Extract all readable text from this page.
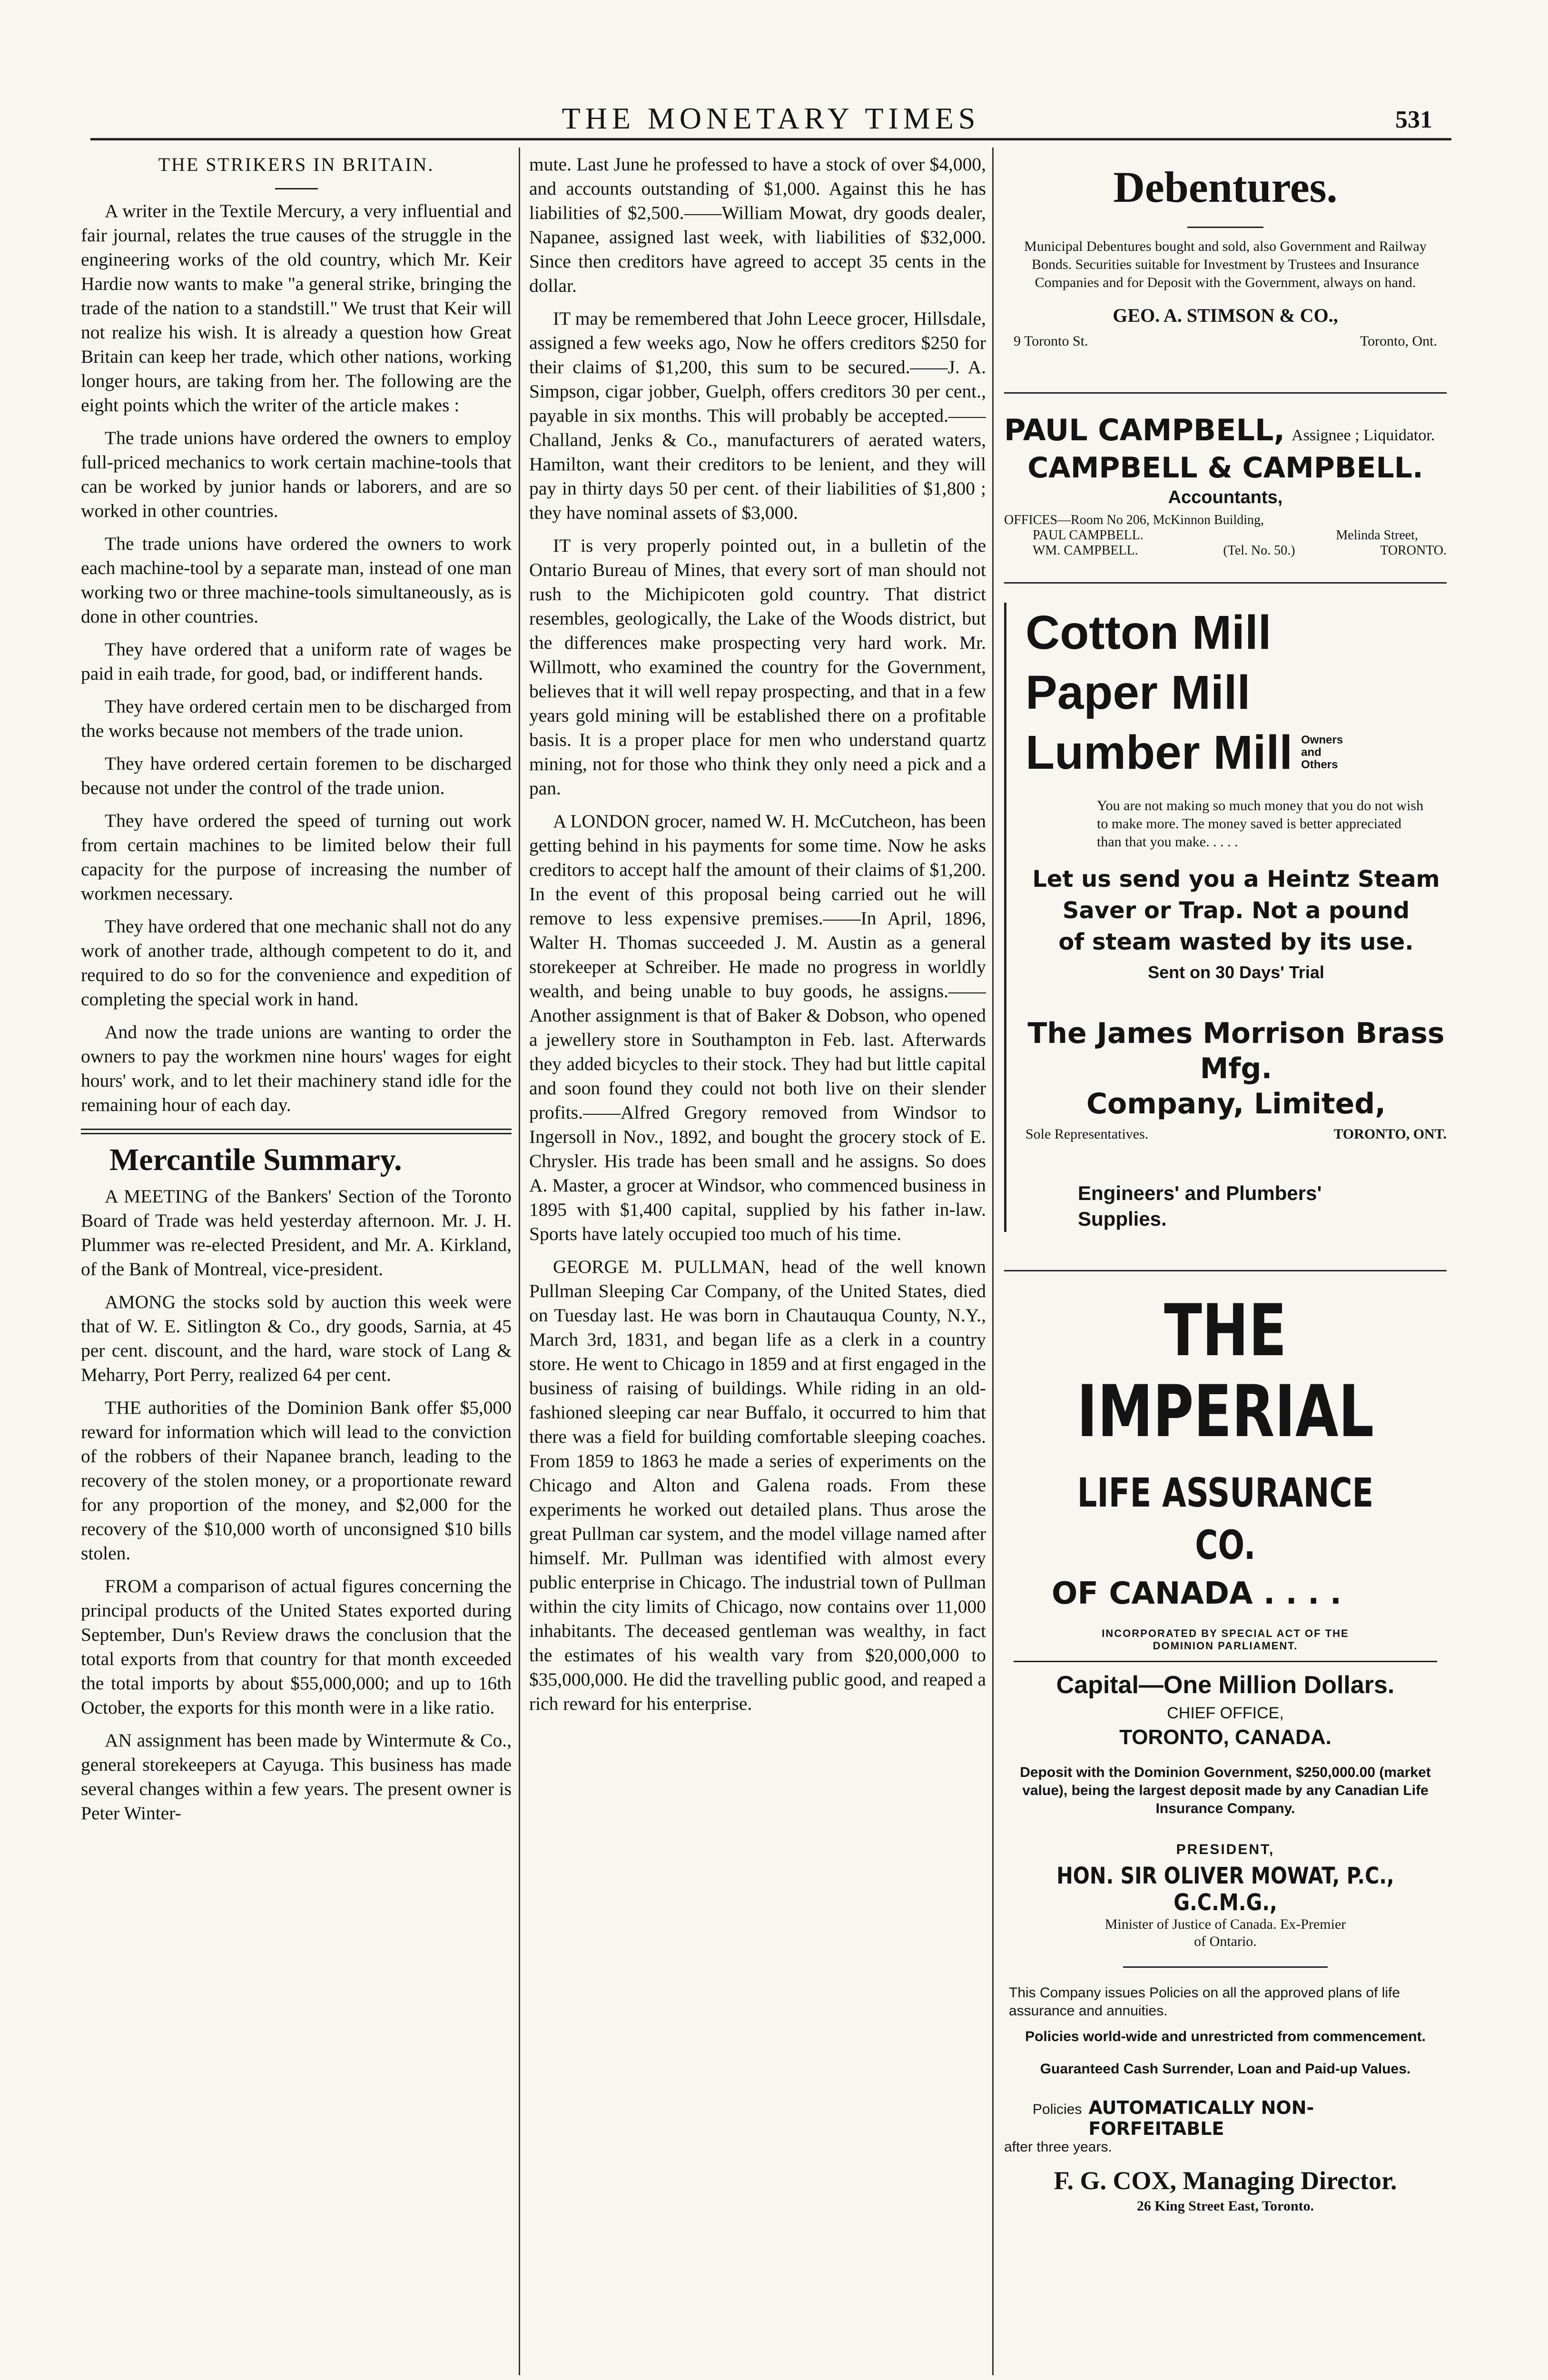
THE MONETARY TIMES	531
THE STRIKERS IN BRITAIN.

A writer in the Textile Mercury, a very influential and fair journal, relates the true causes of the struggle in the engineering works of the old country, which Mr. Keir Hardie now wants to make "a general strike, bringing the trade of the nation to a standstill." We trust that Keir will not realize his wish. It is already a question how Great Britain can keep her trade, which other nations, working longer hours, are taking from her. The following are the eight points which the writer of the article makes :

The trade unions have ordered the owners to employ full-priced mechanics to work certain machine-tools that can be worked by junior hands or laborers, and are so worked in other countries.

The trade unions have ordered the owners to work each machine-tool by a separate man, instead of one man working two or three machine-tools simultaneously, as is done in other countries.

They have ordered that a uniform rate of wages be paid in eaih trade, for good, bad, or indifferent hands.

They have ordered certain men to be discharged from the works because not members of the trade union.

They have ordered certain foremen to be discharged because not under the control of the trade union.

They have ordered the speed of turning out work from certain machines to be limited below their full capacity for the purpose of increasing the number of workmen necessary.

They have ordered that one mechanic shall not do any work of another trade, although competent to do it, and required to do so for the convenience and expedition of completing the special work in hand.

And now the trade unions are wanting to order the owners to pay the workmen nine hours' wages for eight hours' work, and to let their machinery stand idle for the remaining hour of each day.

Mercantile Summary.

A MEETING of the Bankers' Section of the Toronto Board of Trade was held yesterday afternoon. Mr. J. H. Plummer was re-elected President, and Mr. A. Kirkland, of the Bank of Montreal, vice-president.

AMONG the stocks sold by auction this week were that of W. E. Sitlington & Co., dry goods, Sarnia, at 45 per cent. discount, and the hard, ware stock of Lang & Meharry, Port Perry, realized 64 per cent.

THE authorities of the Dominion Bank offer $5,000 reward for information which will lead to the conviction of the robbers of their Napanee branch, leading to the recovery of the stolen money, or a proportionate reward for any proportion of the money, and $2,000 for the recovery of the $10,000 worth of unconsigned $10 bills stolen.

FROM a comparison of actual figures concerning the principal products of the United States exported during September, Dun's Review draws the conclusion that the total exports from that country for that month exceeded the total imports by about $55,000,000; and up to 16th October, the exports for this month were in a like ratio.

AN assignment has been made by Wintermute & Co., general storekeepers at Cayuga. This business has made several changes within a few years. The present owner is Peter Winter-

mute. Last June he professed to have a stock of over $4,000, and accounts outstanding of $1,000. Against this he has liabilities of $2,500.——William Mowat, dry goods dealer, Napanee, assigned last week, with liabilities of $32,000. Since then creditors have agreed to accept 35 cents in the dollar.

IT may be remembered that John Leece grocer, Hillsdale, assigned a few weeks ago, Now he offers creditors $250 for their claims of $1,200, this sum to be secured.——J. A. Simpson, cigar jobber, Guelph, offers creditors 30 per cent., payable in six months. This will probably be accepted.——Challand, Jenks & Co., manufacturers of aerated waters, Hamilton, want their creditors to be lenient, and they will pay in thirty days 50 per cent. of their liabilities of $1,800 ; they have nominal assets of $3,000.

IT is very properly pointed out, in a bulletin of the Ontario Bureau of Mines, that every sort of man should not rush to the Michipicoten gold country. That district resembles, geologically, the Lake of the Woods district, but the differences make prospecting very hard work. Mr. Willmott, who examined the country for the Government, believes that it will well repay prospecting, and that in a few years gold mining will be established there on a profitable basis. It is a proper place for men who understand quartz mining, not for those who think they only need a pick and a pan.

A LONDON grocer, named W. H. McCutcheon, has been getting behind in his payments for some time. Now he asks creditors to accept half the amount of their claims of $1,200. In the event of this proposal being carried out he will remove to less expensive premises.——In April, 1896, Walter H. Thomas succeeded J. M. Austin as a general storekeeper at Schreiber. He made no progress in worldly wealth, and being unable to buy goods, he assigns.——Another assignment is that of Baker & Dobson, who opened a jewellery store in Southampton in Feb. last. Afterwards they added bicycles to their stock. They had but little capital and soon found they could not both live on their slender profits.——Alfred Gregory removed from Windsor to Ingersoll in Nov., 1892, and bought the grocery stock of E. Chrysler. His trade has been small and he assigns. So does A. Master, a grocer at Windsor, who commenced business in 1895 with $1,400 capital, supplied by his father in-law. Sports have lately occupied too much of his time.

GEORGE M. PULLMAN, head of the well known Pullman Sleeping Car Company, of the United States, died on Tuesday last. He was born in Chautauqua County, N.Y., March 3rd, 1831, and began life as a clerk in a country store. He went to Chicago in 1859 and at first engaged in the business of raising of buildings. While riding in an old-fashioned sleeping car near Buffalo, it occurred to him that there was a field for building comfortable sleeping coaches. From 1859 to 1863 he made a series of experiments on the Chicago and Alton and Galena roads. From these experiments he worked out detailed plans. Thus arose the great Pullman car system, and the model village named after himself. Mr. Pullman was identified with almost every public enterprise in Chicago. The industrial town of Pullman within the city limits of Chicago, now contains over 11,000 inhabitants. The deceased gentleman was wealthy, in fact the estimates of his wealth vary from $20,000,000 to $35,000,000. He did the travelling public good, and reaped a rich reward for his enterprise.

Debentures.
Municipal Debentures bought and sold, also Government and Railway Bonds. Securities suitable for Investment by Trustees and Insurance Companies and for Deposit with the Government, always on hand.
GEO. A. STIMSON & CO.,
9 Toronto St.	Toronto, Ont.
PAUL CAMPBELL, Assignee ; Liquidator.
CAMPBELL & CAMPBELL.
Accountants,
OFFICES—Room No 206, McKinnon Building,
PAUL CAMPBELL.	Melinda Street,
WM. CAMPBELL.	(Tel. No. 50.)	TORONTO.
Cotton Mill
Paper Mill
Lumber Mill Owners
and
Others
You are not making so much money that you do not wish to make more. The money saved is better appreciated than that you make. . . . .
Let us send you a Heintz Steam
Saver or Trap. Not a pound
of steam wasted by its use.
Sent on 30 Days' Trial
The James Morrison Brass Mfg.
Company, Limited,
Sole Representatives.	TORONTO, ONT.
Engineers' and Plumbers'
Supplies.
THE IMPERIAL
LIFE ASSURANCE CO.
OF CANADA . . . .
INCORPORATED BY SPECIAL ACT OF THE
DOMINION PARLIAMENT.
Capital—One Million Dollars.
CHIEF OFFICE,
TORONTO, CANADA.
Deposit with the Dominion Government, $250,000.00 (market value), being the largest deposit made by any Canadian Life Insurance Company.
PRESIDENT,
HON. SIR OLIVER MOWAT, P.C., G.C.M.G.,
Minister of Justice of Canada. Ex-Premier
of Ontario.
This Company issues Policies on all the approved plans of life assurance and annuities.
Policies world-wide and unrestricted from commencement.
Guaranteed Cash Surrender, Loan and Paid-up Values.
Policies AUTOMATICALLY NON-FORFEITABLE
after three years.
F. G. COX, Managing Director.
26 King Street East, Toronto.
